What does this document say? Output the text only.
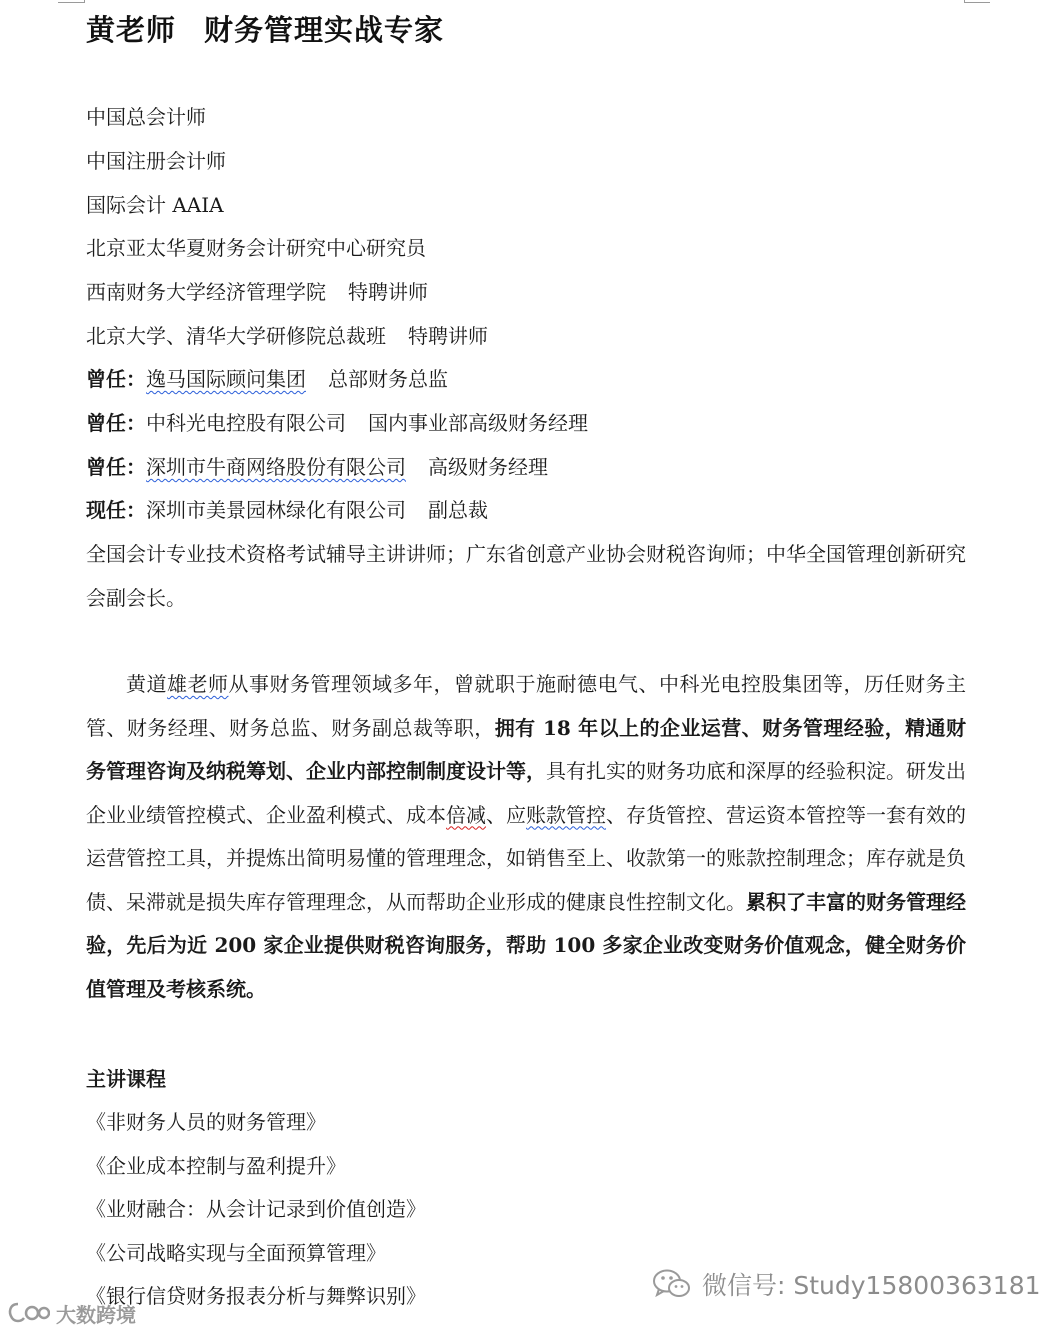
黄老师 财务管理实战专家

中国总会计师

中国注册会计师

国际会计 AAIA

北京亚太华夏财务会计研究中心研究员

西南财务大学经济管理学院 特聘讲师

北京大学、清华大学研修院总裁班 特聘讲师

曾任：逸马国际顾问集团 总部财务总监

曾任：中科光电控股有限公司 国内事业部高级财务经理

曾任：深圳市牛商网络股份有限公司 高级财务经理

现任：深圳市美景园林绿化有限公司 副总裁

全国会计专业技术资格考试辅导主讲讲师；广东省创意产业协会财税咨询师；中华全国管理创新研究会副会长。

黄道雄老师从事财务管理领域多年，曾就职于施耐德电气、中科光电控股集团等，历任财务主管、财务经理、财务总监、财务副总裁等职，拥有 18 年以上的企业运营、财务管理经验，精通财务管理咨询及纳税筹划、企业内部控制制度设计等，具有扎实的财务功底和深厚的经验积淀。研发出企业业绩管控模式、企业盈利模式、成本倍减、应账款管控、存货管控、营运资本管控等一套有效的运营管控工具，并提炼出简明易懂的管理理念，如销售至上、收款第一的账款控制理念；库存就是负债、呆滞就是损失库存管理理念，从而帮助企业形成的健康良性控制文化。累积了丰富的财务管理经验，先后为近 200 家企业提供财税咨询服务，帮助 100 多家企业改变财务价值观念，健全财务价值管理及考核系统。

主讲课程

《非财务人员的财务管理》

《企业成本控制与盈利提升》

《业财融合：从会计记录到价值创造》

《公司战略实现与全面预算管理》

《银行信贷财务报表分析与舞弊识别》	微信号: Study15800363181
大数跨境
